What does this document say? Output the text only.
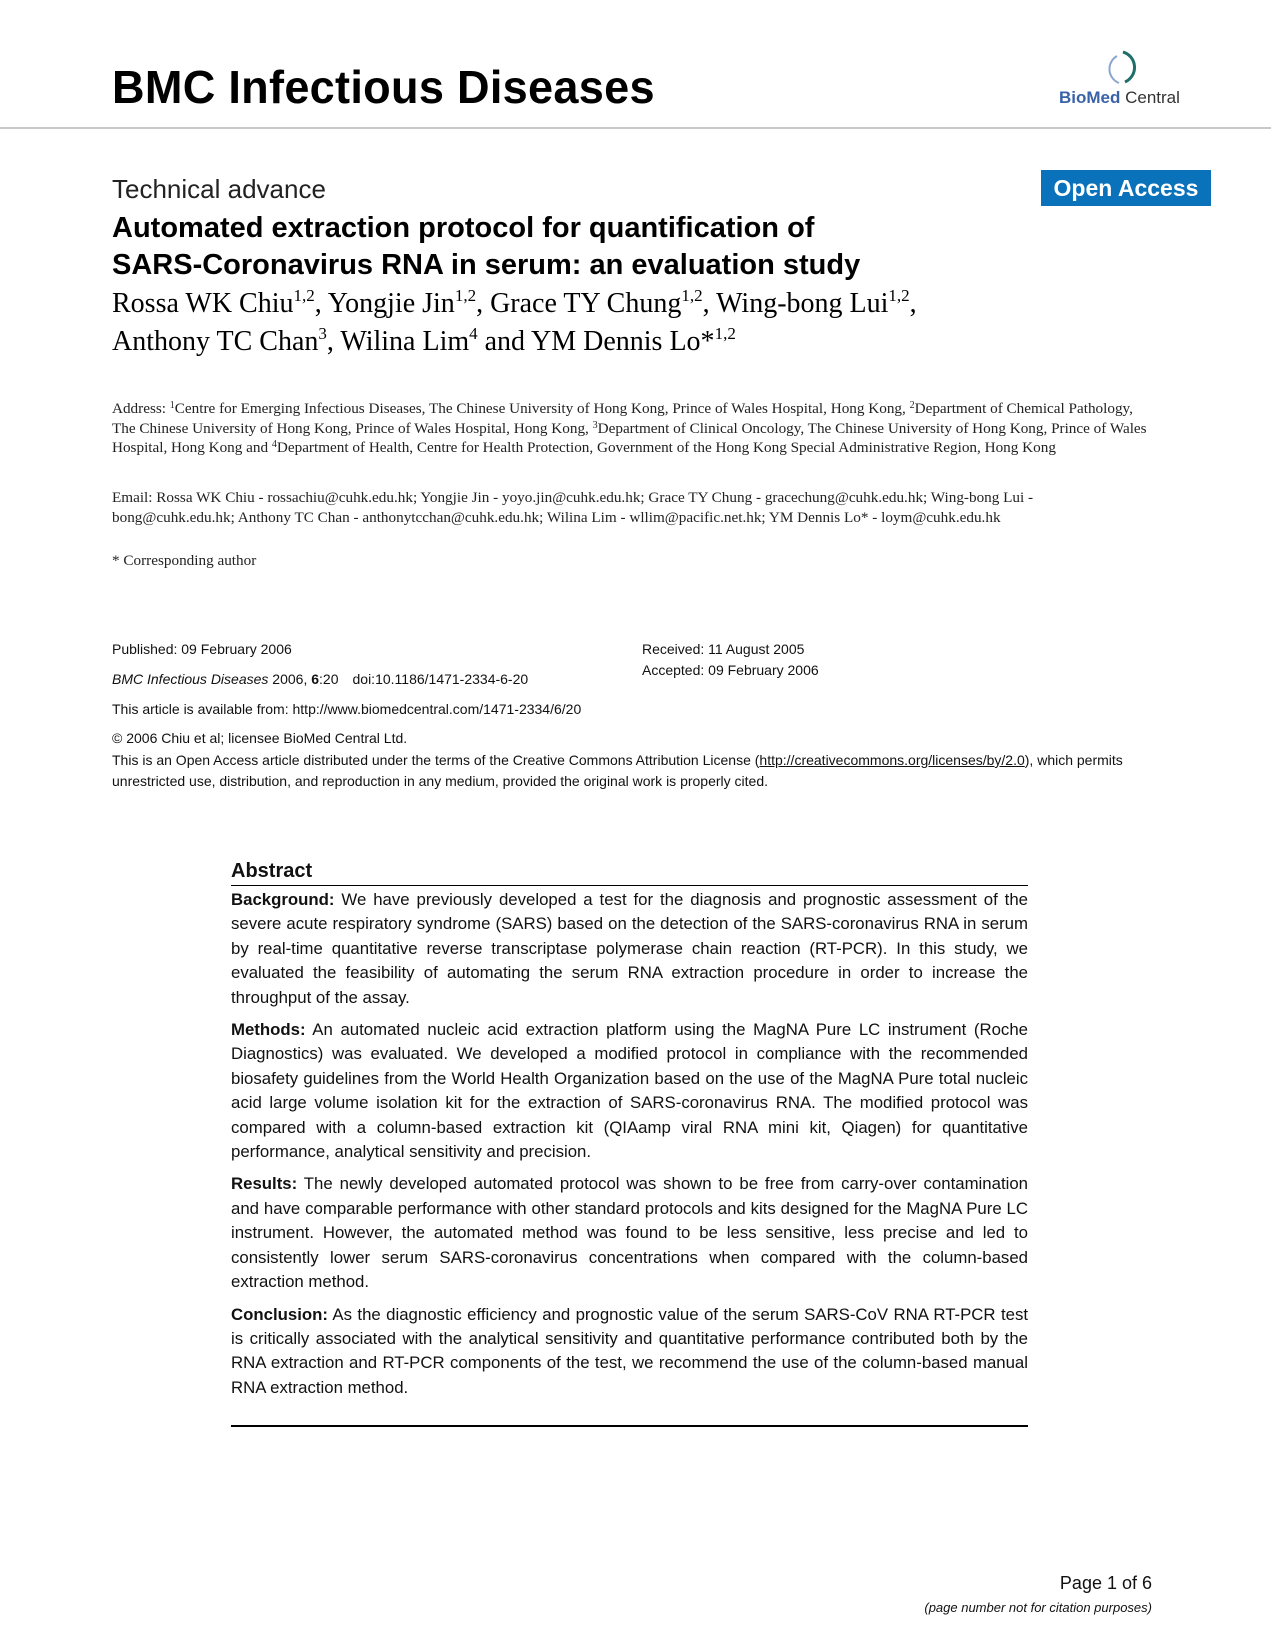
BMC Infectious Diseases	BioMed Central
Technical advance	Open Access
Automated extraction protocol for quantification of
SARS-Coronavirus RNA in serum: an evaluation study
Rossa WK Chiu$^{1,2}$, Yongjie Jin$^{1,2}$, Grace TY Chung$^{1,2}$, Wing-bong Lui$^{1,2}$,
Anthony TC Chan$^3$, Wilina Lim$^4$ and YM Dennis Lo*$^{1,2}$
Address: $^1$Centre for Emerging Infectious Diseases, The Chinese University of Hong Kong, Prince of Wales Hospital, Hong Kong, $^2$Department of Chemical Pathology, The Chinese University of Hong Kong, Prince of Wales Hospital, Hong Kong, $^3$Department of Clinical Oncology, The Chinese University of Hong Kong, Prince of Wales Hospital, Hong Kong and $^4$Department of Health, Centre for Health Protection, Government of the Hong Kong Special Administrative Region, Hong Kong
Email: Rossa WK Chiu - rossachiu@cuhk.edu.hk; Yongjie Jin - yoyo.jin@cuhk.edu.hk; Grace TY Chung - gracechung@cuhk.edu.hk; Wing-bong Lui - bong@cuhk.edu.hk; Anthony TC Chan - anthonytcchan@cuhk.edu.hk; Wilina Lim - wllim@pacific.net.hk; YM Dennis Lo* - loym@cuhk.edu.hk
* Corresponding author
Published: 09 February 2006	Received: 11 August 2005
Accepted: 09 February 2006
BMC Infectious Diseases 2006, 6:20 doi:10.1186/1471-2334-6-20
This article is available from: http://www.biomedcentral.com/1471-2334/6/20
© 2006 Chiu et al; licensee BioMed Central Ltd.
This is an Open Access article distributed under the terms of the Creative Commons Attribution License (http://creativecommons.org/licenses/by/2.0), which permits unrestricted use, distribution, and reproduction in any medium, provided the original work is properly cited.
Abstract

Background: We have previously developed a test for the diagnosis and prognostic assessment of the severe acute respiratory syndrome (SARS) based on the detection of the SARS-coronavirus RNA in serum by real-time quantitative reverse transcriptase polymerase chain reaction (RT-PCR). In this study, we evaluated the feasibility of automating the serum RNA extraction procedure in order to increase the throughput of the assay.

Methods: An automated nucleic acid extraction platform using the MagNA Pure LC instrument (Roche Diagnostics) was evaluated. We developed a modified protocol in compliance with the recommended biosafety guidelines from the World Health Organization based on the use of the MagNA Pure total nucleic acid large volume isolation kit for the extraction of SARS-coronavirus RNA. The modified protocol was compared with a column-based extraction kit (QIAamp viral RNA mini kit, Qiagen) for quantitative performance, analytical sensitivity and precision.

Results: The newly developed automated protocol was shown to be free from carry-over contamination and have comparable performance with other standard protocols and kits designed for the MagNA Pure LC instrument. However, the automated method was found to be less sensitive, less precise and led to consistently lower serum SARS-coronavirus concentrations when compared with the column-based extraction method.

Conclusion: As the diagnostic efficiency and prognostic value of the serum SARS-CoV RNA RT-PCR test is critically associated with the analytical sensitivity and quantitative performance contributed both by the RNA extraction and RT-PCR components of the test, we recommend the use of the column-based manual RNA extraction method.

Page 1 of 6
(page number not for citation purposes)
